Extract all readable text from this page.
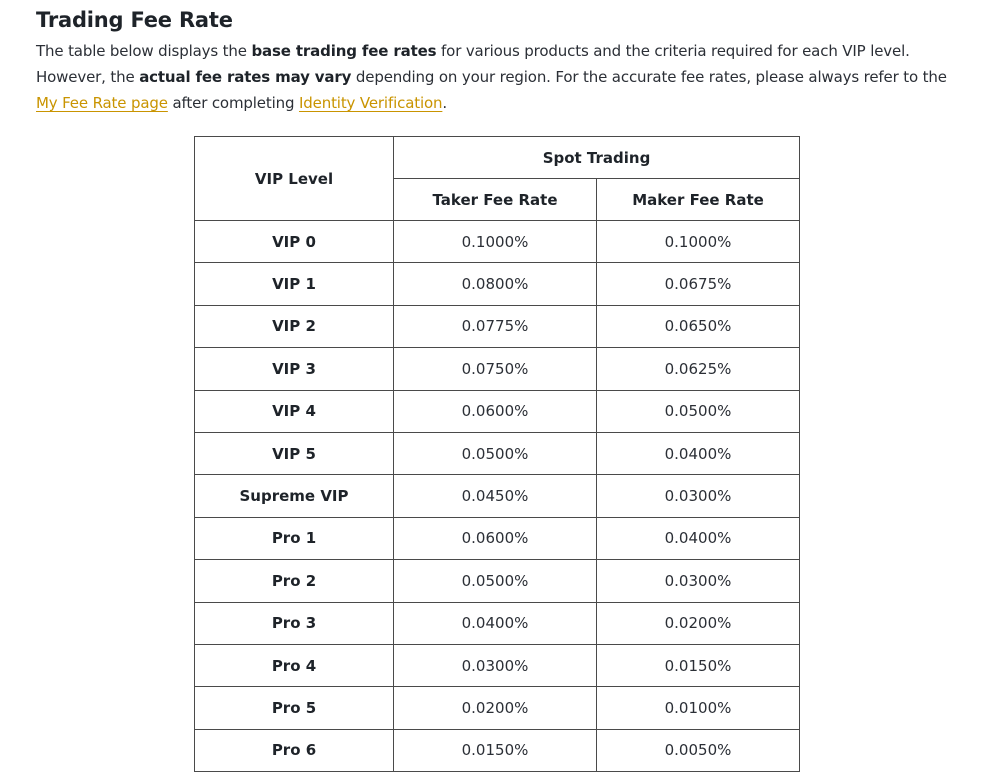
Trading Fee Rate

The table below displays the base trading fee rates for various products and the criteria required for each VIP level. However, the actual fee rates may vary depending on your region. For the accurate fee rates, please always refer to the My Fee Rate page after completing Identity Verification.

VIP Level	Spot Trading	
	Taker Fee Rate	Maker Fee Rate
VIP 0	0.1000%	0.1000%
VIP 1	0.0800%	0.0675%
VIP 2	0.0775%	0.0650%
VIP 3	0.0750%	0.0625%
VIP 4	0.0600%	0.0500%
VIP 5	0.0500%	0.0400%
Supreme VIP	0.0450%	0.0300%
Pro 1	0.0600%	0.0400%
Pro 2	0.0500%	0.0300%
Pro 3	0.0400%	0.0200%
Pro 4	0.0300%	0.0150%
Pro 5	0.0200%	0.0100%
Pro 6	0.0150%	0.0050%
